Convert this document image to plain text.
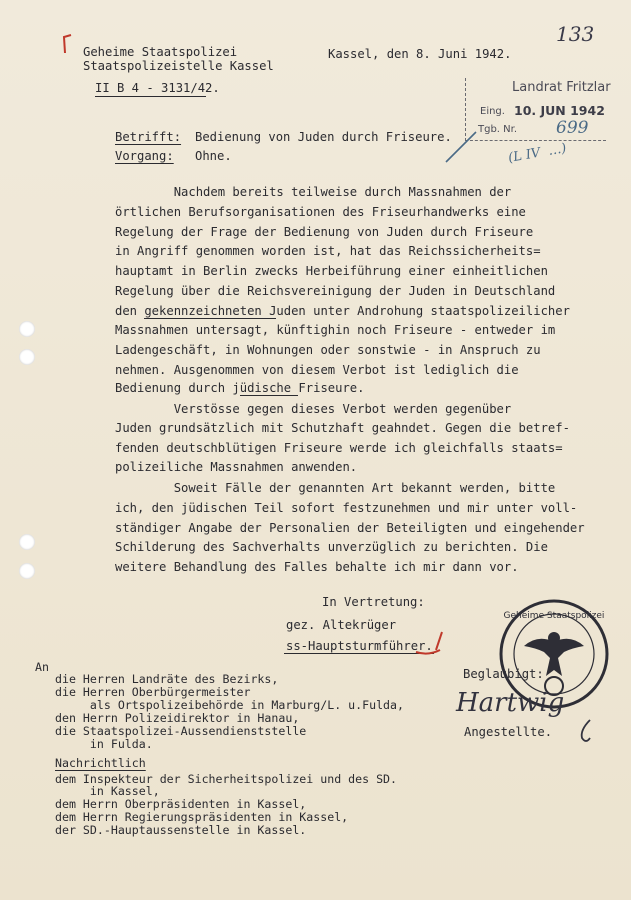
Geheime Staatspolizei
Staatspolizeistelle Kassel
II B 4 - 3131/42.
Kassel, den 8. Juni 1942.
133
Landrat Fritzlar
Eing. 10. JUN 1942
Tgb. Nr. 699
Betrifft: Bedienung von Juden durch Friseure.
Vorgang: Ohne.	(L IV  …)
Nachdem bereits teilweise durch Massnahmen der
örtlichen Berufsorganisationen des Friseurhandwerks eine
Regelung der Frage der Bedienung von Juden durch Friseure
in Angriff genommen worden ist, hat das Reichssicherheits=
hauptamt in Berlin zwecks Herbeiführung einer einheitlichen
Regelung über die Reichsvereinigung der Juden in Deutschland
den gekennzeichneten Juden unter Androhung staatspolizeilicher
Massnahmen untersagt, künftighin noch Friseure - entweder im
Ladengeschäft, in Wohnungen oder sonstwie - in Anspruch zu
nehmen. Ausgenommen von diesem Verbot ist lediglich die
Bedienung durch jüdische Friseure.
Verstösse gegen dieses Verbot werden gegenüber
Juden grundsätzlich mit Schutzhaft geahndet. Gegen die betref-
fenden deutschblütigen Friseure werde ich gleichfalls staats=
polizeiliche Massnahmen anwenden.
Soweit Fälle der genannten Art bekannt werden, bitte
ich, den jüdischen Teil sofort festzunehmen und mir unter voll-
ständiger Angabe der Personalien der Beteiligten und eingehender
Schilderung des Sachverhalts unverzüglich zu berichten. Die
weitere Behandlung des Falles behalte ich mir dann vor.
In Vertretung:
gez. Altekrüger
ss-Hauptsturmführer.
Geheime Staatspolizei
Beglaubigt:
Hartwig
Angestellte.
An
die Herren Landräte des Bezirks,
die Herren Oberbürgermeister
als Ortspolizeibehörde in Marburg/L. u.Fulda,
den Herrn Polizeidirektor in Hanau,
die Staatspolizei-Aussendienststelle
in Fulda.
Nachrichtlich
dem Inspekteur der Sicherheitspolizei und des SD.
in Kassel,
dem Herrn Oberpräsidenten in Kassel,
dem Herrn Regierungspräsidenten in Kassel,
der SD.-Hauptaussenstelle in Kassel.
